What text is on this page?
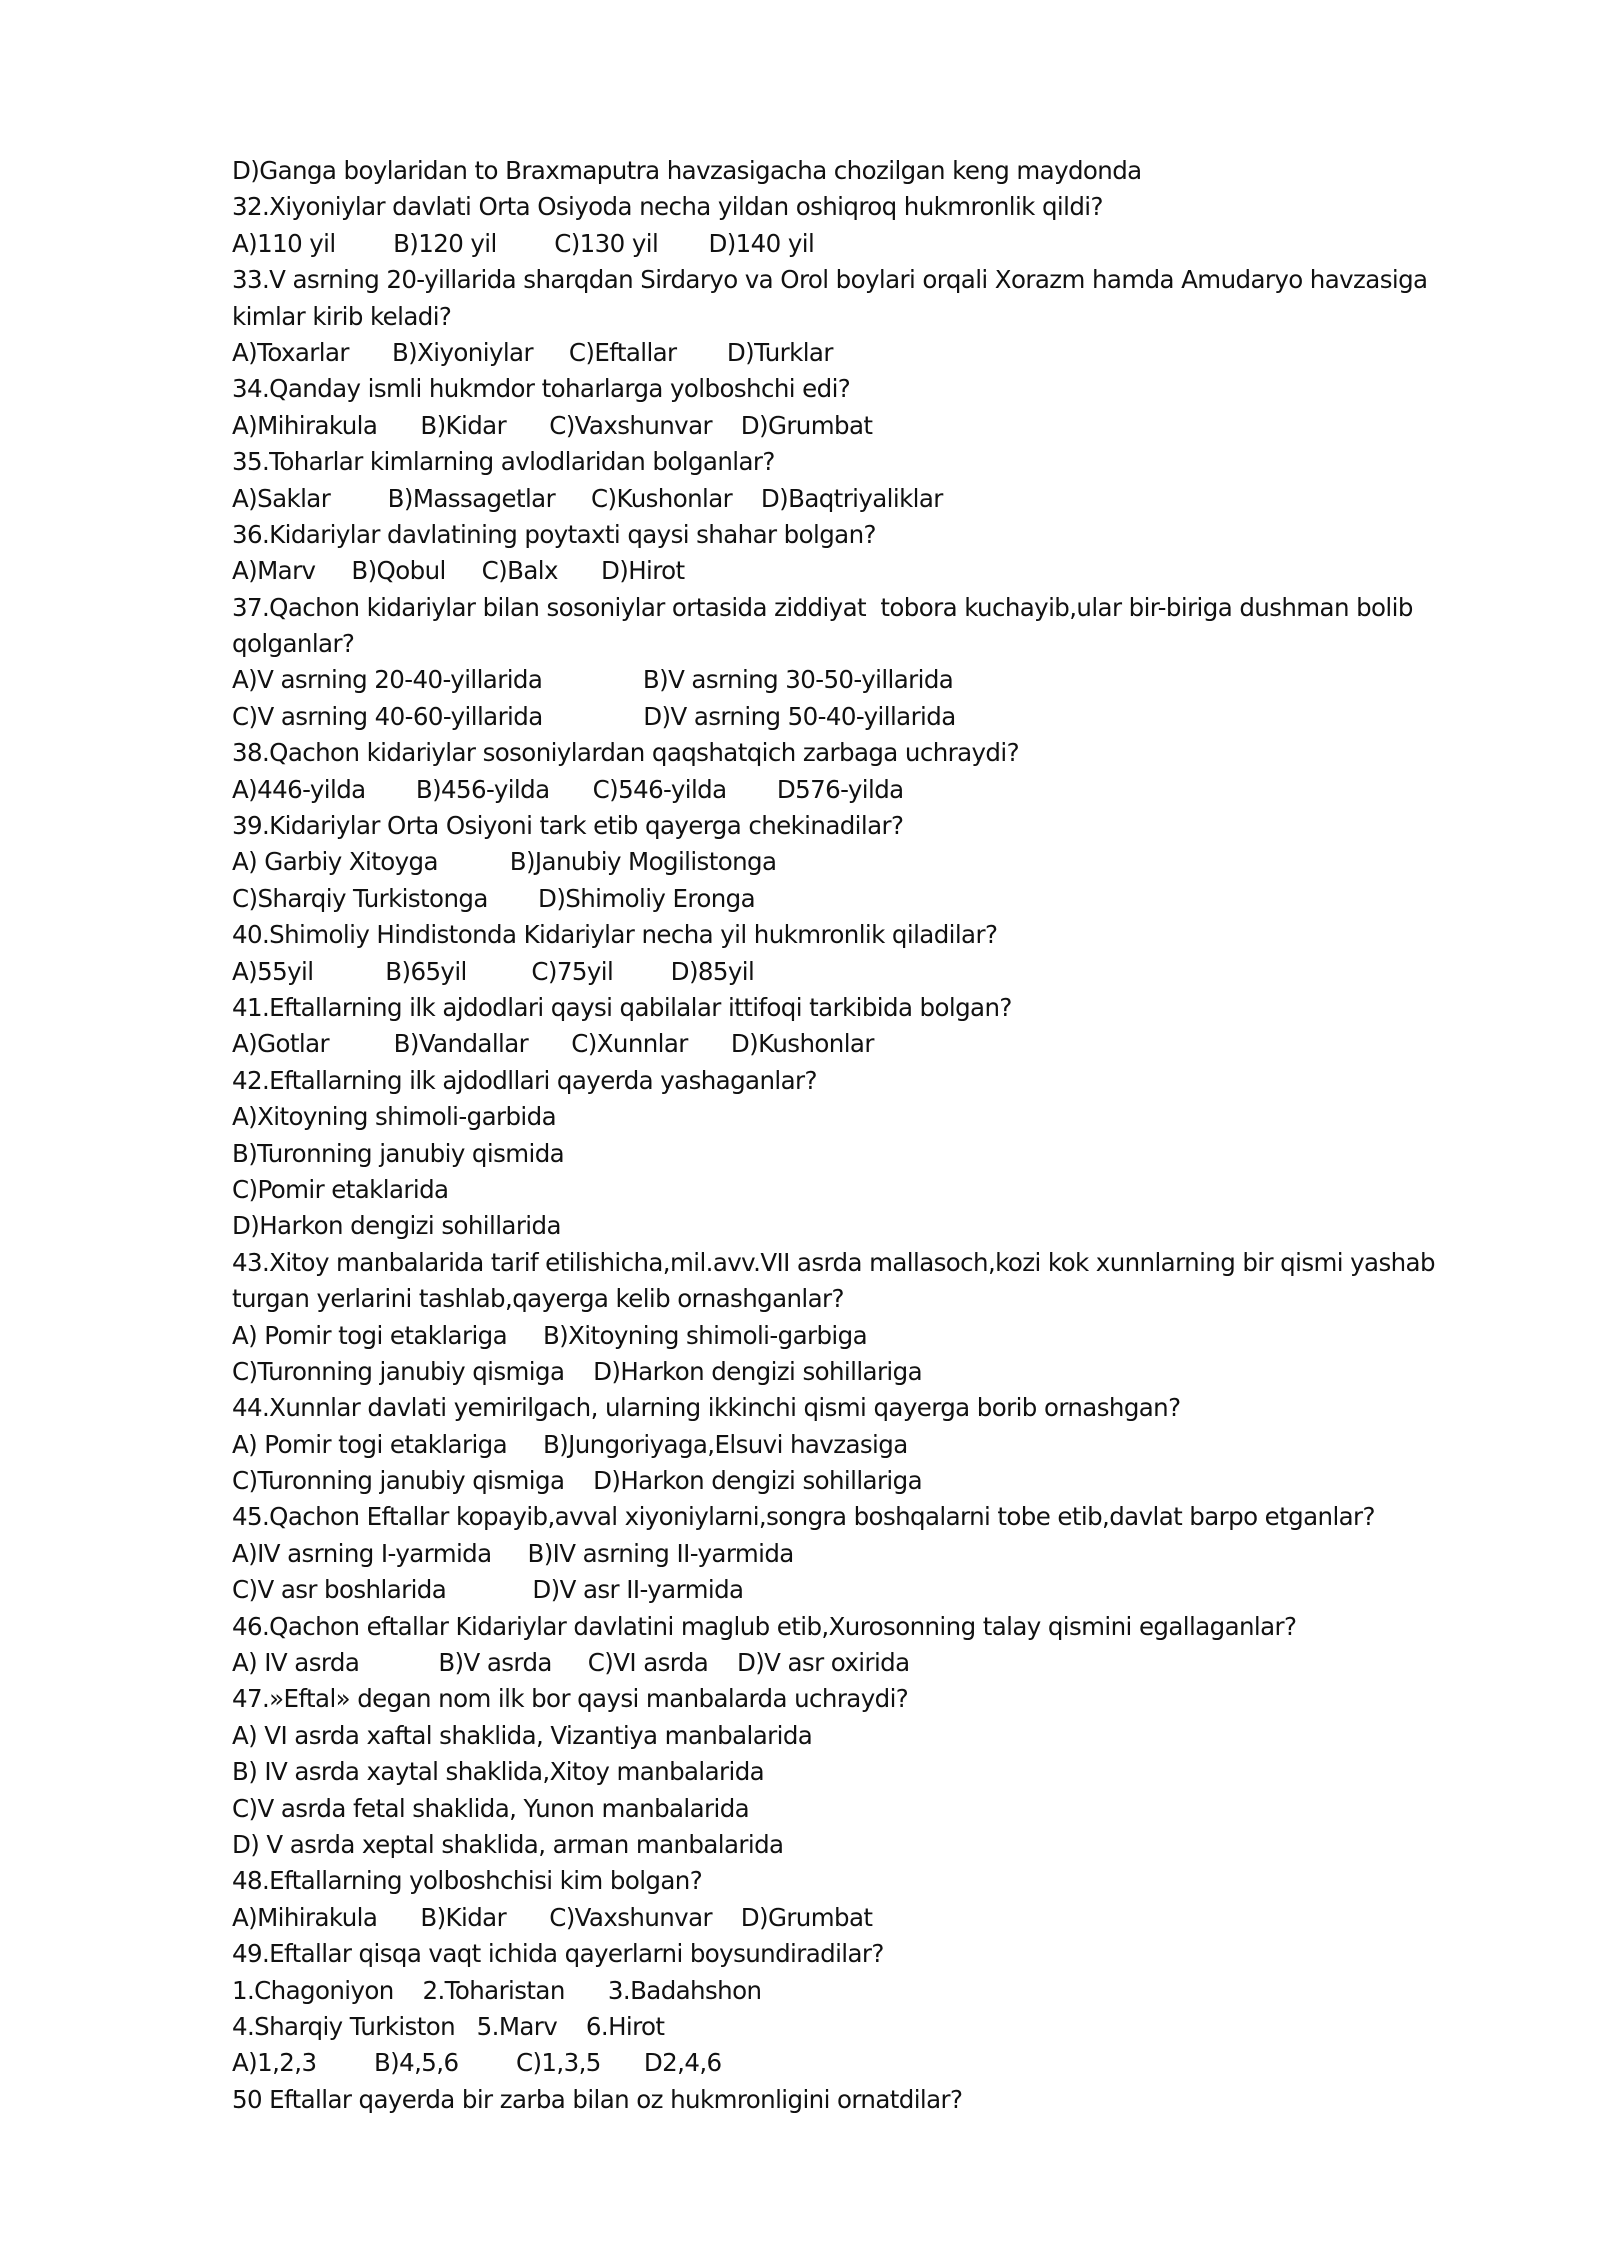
D)Ganga boylaridan to Braxmaputra havzasigacha chozilgan keng maydonda
32.Xiyoniylar davlati Orta Osiyoda necha yildan oshiqroq hukmronlik qildi?
A)110 yil        B)120 yil        C)130 yil       D)140 yil
33.V asrning 20-yillarida sharqdan Sirdaryo va Orol boylari orqali Xorazm hamda Amudaryo havzasiga
kimlar kirib keladi?
A)Toxarlar      B)Xiyoniylar     C)Eftallar       D)Turklar
34.Qanday ismli hukmdor toharlarga yolboshchi edi?
A)Mihirakula      B)Kidar      C)Vaxshunvar    D)Grumbat
35.Toharlar kimlarning avlodlaridan bolganlar?
A)Saklar        B)Massagetlar     C)Kushonlar    D)Baqtriyaliklar
36.Kidariylar davlatining poytaxti qaysi shahar bolgan?
A)Marv     B)Qobul     C)Balx      D)Hirot
37.Qachon kidariylar bilan sosoniylar ortasida ziddiyat  tobora kuchayib,ular bir-biriga dushman bolib
qolganlar?
A)V asrning 20-40-yillarida              B)V asrning 30-50-yillarida
C)V asrning 40-60-yillarida              D)V asrning 50-40-yillarida
38.Qachon kidariylar sosoniylardan qaqshatqich zarbaga uchraydi?
A)446-yilda       B)456-yilda      C)546-yilda       D576-yilda
39.Kidariylar Orta Osiyoni tark etib qayerga chekinadilar?
A) Garbiy Xitoyga          B)Janubiy Mogilistonga
C)Sharqiy Turkistonga       D)Shimoliy Eronga
40.Shimoliy Hindistonda Kidariylar necha yil hukmronlik qiladilar?
A)55yil          B)65yil         C)75yil        D)85yil
41.Eftallarning ilk ajdodlari qaysi qabilalar ittifoqi tarkibida bolgan?
A)Gotlar         B)Vandallar      C)Xunnlar      D)Kushonlar
42.Eftallarning ilk ajdodllari qayerda yashaganlar?
A)Xitoyning shimoli-garbida
B)Turonning janubiy qismida
C)Pomir etaklarida
D)Harkon dengizi sohillarida
43.Xitoy manbalarida tarif etilishicha,mil.avv.VII asrda mallasoch,kozi kok xunnlarning bir qismi yashab
turgan yerlarini tashlab,qayerga kelib ornashganlar?
A) Pomir togi etaklariga     B)Xitoyning shimoli-garbiga
C)Turonning janubiy qismiga    D)Harkon dengizi sohillariga
44.Xunnlar davlati yemirilgach, ularning ikkinchi qismi qayerga borib ornashgan?
A) Pomir togi etaklariga     B)Jungoriyaga,Elsuvi havzasiga
C)Turonning janubiy qismiga    D)Harkon dengizi sohillariga
45.Qachon Eftallar kopayib,avval xiyoniylarni,songra boshqalarni tobe etib,davlat barpo etganlar?
A)IV asrning I-yarmida     B)IV asrning II-yarmida
C)V asr boshlarida            D)V asr II-yarmida
46.Qachon eftallar Kidariylar davlatini maglub etib,Xurosonning talay qismini egallaganlar?
A) IV asrda           B)V asrda     C)VI asrda    D)V asr oxirida
47.»Eftal» degan nom ilk bor qaysi manbalarda uchraydi?
A) VI asrda xaftal shaklida, Vizantiya manbalarida
B) IV asrda xaytal shaklida,Xitoy manbalarida
C)V asrda fetal shaklida, Yunon manbalarida
D) V asrda xeptal shaklida, arman manbalarida
48.Eftallarning yolboshchisi kim bolgan?
A)Mihirakula      B)Kidar      C)Vaxshunvar    D)Grumbat
49.Eftallar qisqa vaqt ichida qayerlarni boysundiradilar?
1.Chagoniyon    2.Toharistan      3.Badahshon
4.Sharqiy Turkiston   5.Marv    6.Hirot
A)1,2,3        B)4,5,6        C)1,3,5      D2,4,6
50 Eftallar qayerda bir zarba bilan oz hukmronligini ornatdilar?
